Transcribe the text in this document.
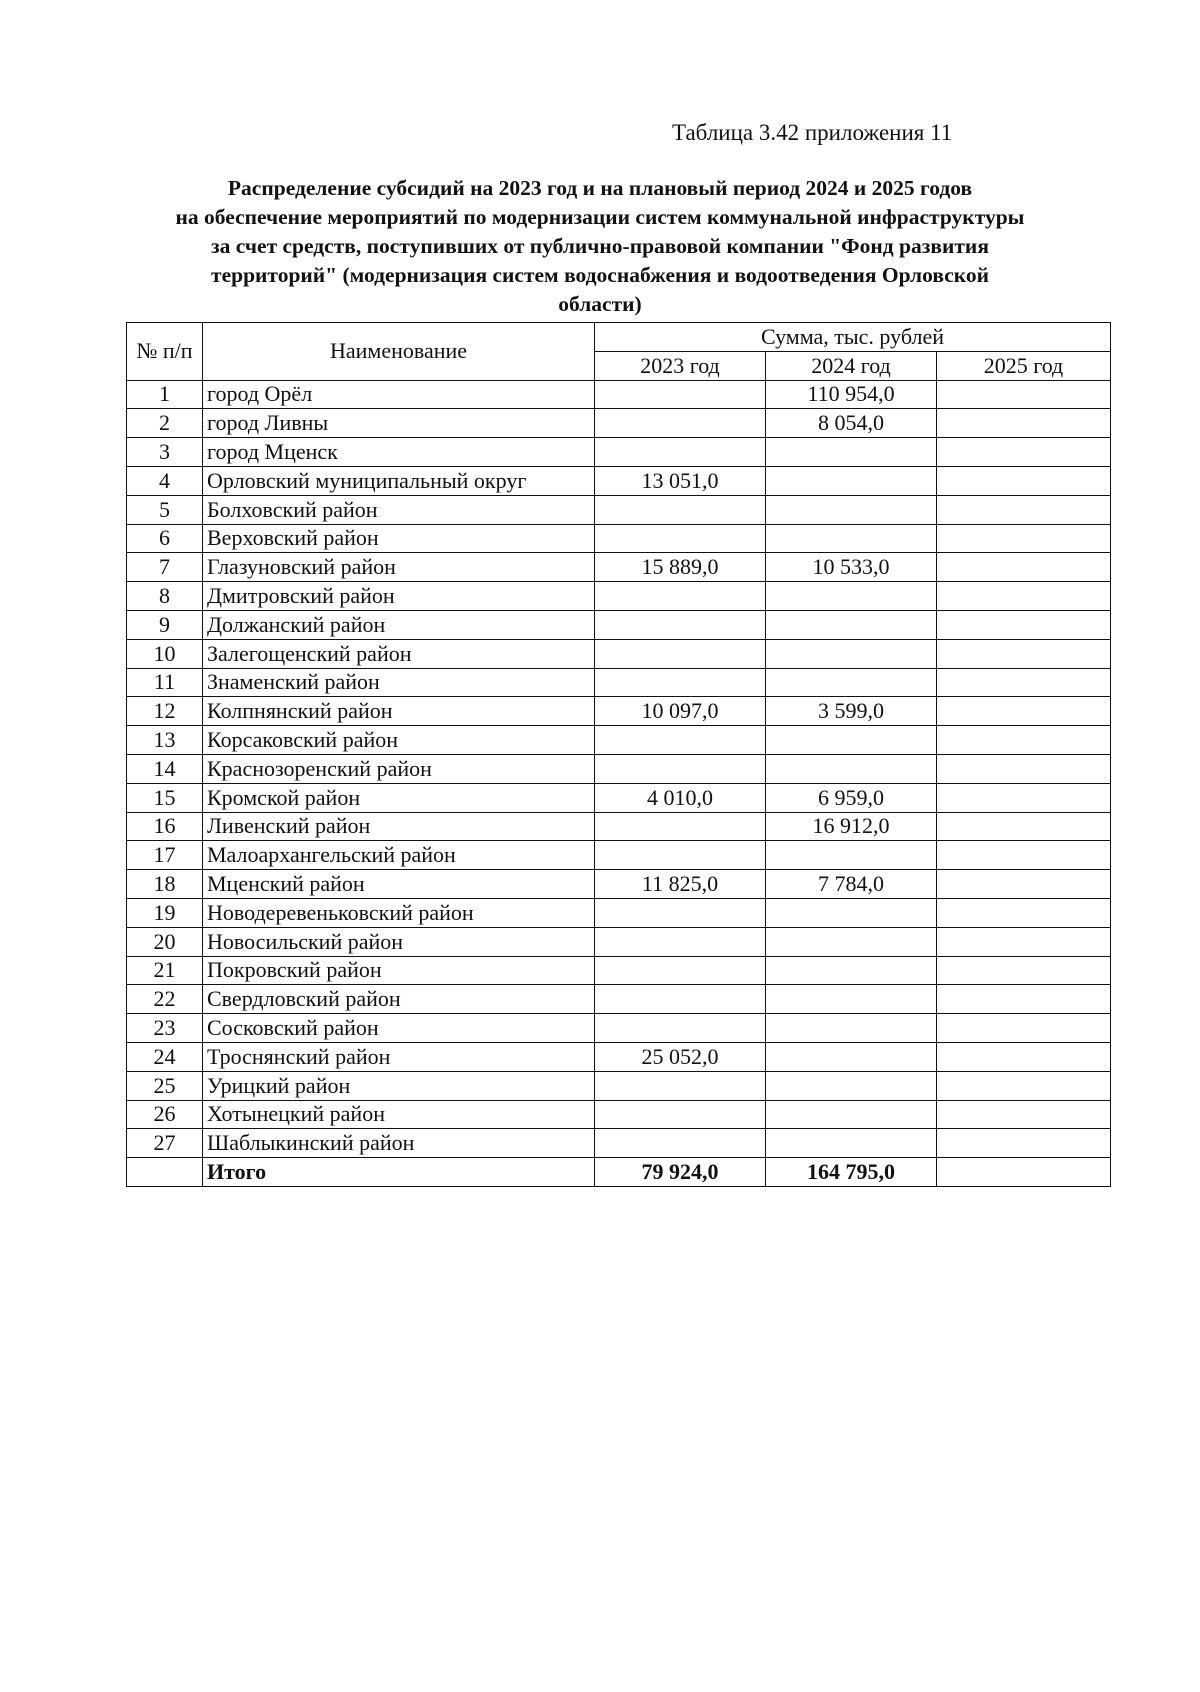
Таблица 3.42 приложения 11
Распределение субсидий на 2023 год и на плановый период 2024 и 2025 годов
на обеспечение мероприятий по модернизации систем коммунальной инфраструктуры
за счет средств, поступивших от публично-правовой компании "Фонд развития
территорий" (модернизация систем водоснабжения и водоотведения Орловской
области)
№ п/п	Наименование	Сумма, тыс. рублей		
		2023 год	2024 год	2025 год
1	город Орёл		110 954,0	
2	город Ливны		8 054,0	
3	город Мценск			
4	Орловский муниципальный округ	13 051,0		
5	Болховский район			
6	Верховский район			
7	Глазуновский район	15 889,0	10 533,0	
8	Дмитровский район			
9	Должанский район			
10	Залегощенский район			
11	Знаменский район			
12	Колпнянский район	10 097,0	3 599,0	
13	Корсаковский район			
14	Краснозоренский район			
15	Кромской район	4 010,0	6 959,0	
16	Ливенский район		16 912,0	
17	Малоархангельский район			
18	Мценский район	11 825,0	7 784,0	
19	Новодеревеньковский район			
20	Новосильский район			
21	Покровский район			
22	Свердловский район			
23	Сосковский район			
24	Троснянский район	25 052,0		
25	Урицкий район			
26	Хотынецкий район			
27	Шаблыкинский район			
	Итого	79 924,0	164 795,0	
